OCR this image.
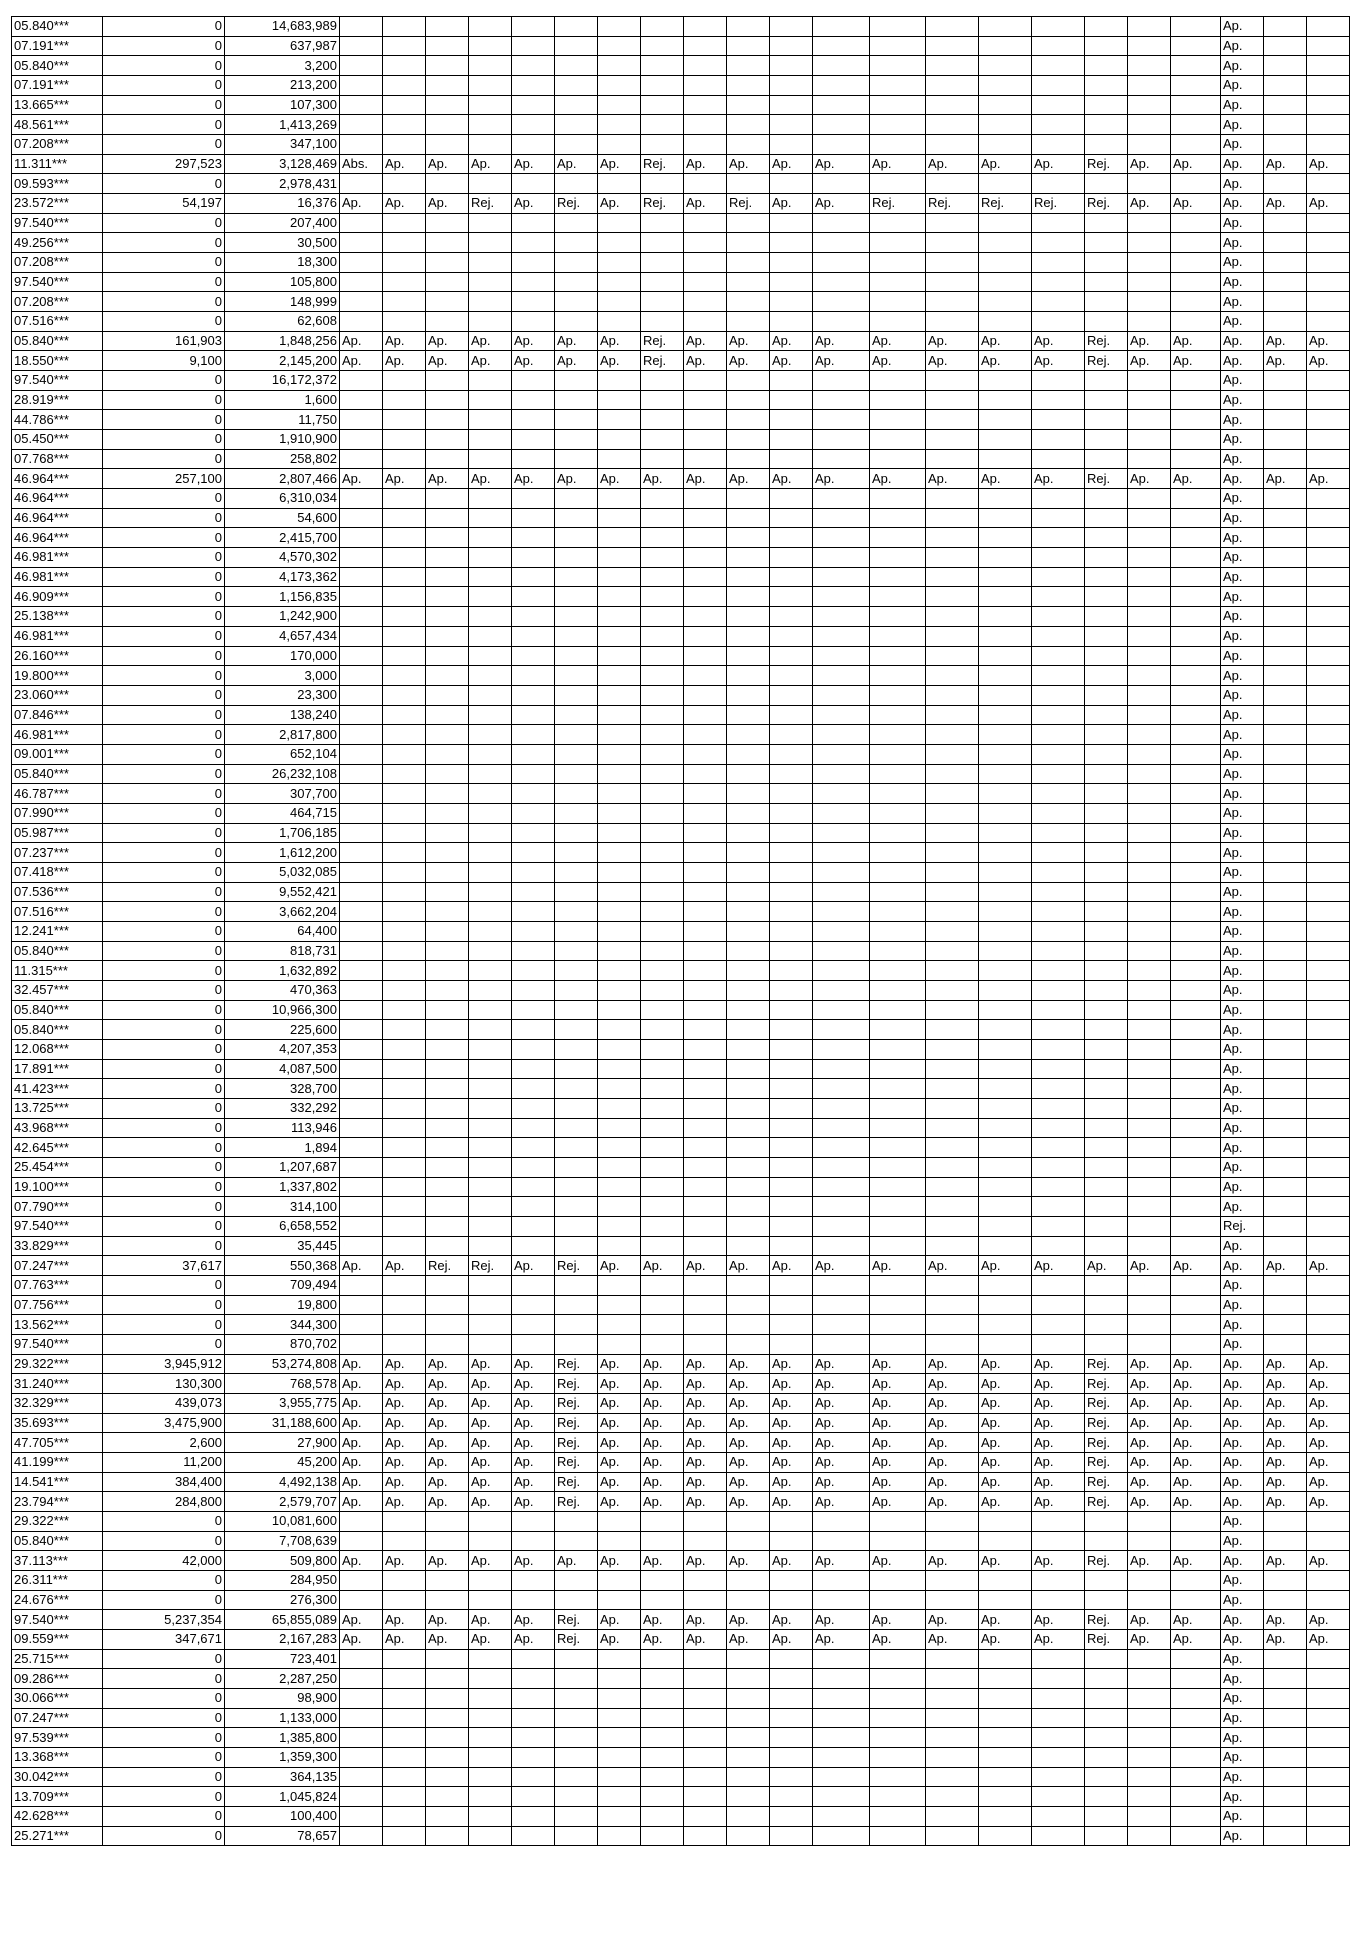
05.840***	0	14,683,989																				Ap.		
07.191***	0	637,987																				Ap.		
05.840***	0	3,200																				Ap.		
07.191***	0	213,200																				Ap.		
13.665***	0	107,300																				Ap.		
48.561***	0	1,413,269																				Ap.		
07.208***	0	347,100																				Ap.		
11.311***	297,523	3,128,469	Abs.	Ap.	Ap.	Ap.	Ap.	Ap.	Ap.	Rej.	Ap.	Ap.	Ap.	Ap.	Ap.	Ap.	Ap.	Ap.	Rej.	Ap.	Ap.	Ap.	Ap.	Ap.
09.593***	0	2,978,431																				Ap.		
23.572***	54,197	16,376	Ap.	Ap.	Ap.	Rej.	Ap.	Rej.	Ap.	Rej.	Ap.	Rej.	Ap.	Ap.	Rej.	Rej.	Rej.	Rej.	Rej.	Ap.	Ap.	Ap.	Ap.	Ap.
97.540***	0	207,400																				Ap.		
49.256***	0	30,500																				Ap.		
07.208***	0	18,300																				Ap.		
97.540***	0	105,800																				Ap.		
07.208***	0	148,999																				Ap.		
07.516***	0	62,608																				Ap.		
05.840***	161,903	1,848,256	Ap.	Ap.	Ap.	Ap.	Ap.	Ap.	Ap.	Rej.	Ap.	Ap.	Ap.	Ap.	Ap.	Ap.	Ap.	Ap.	Rej.	Ap.	Ap.	Ap.	Ap.	Ap.
18.550***	9,100	2,145,200	Ap.	Ap.	Ap.	Ap.	Ap.	Ap.	Ap.	Rej.	Ap.	Ap.	Ap.	Ap.	Ap.	Ap.	Ap.	Ap.	Rej.	Ap.	Ap.	Ap.	Ap.	Ap.
97.540***	0	16,172,372																				Ap.		
28.919***	0	1,600																				Ap.		
44.786***	0	11,750																				Ap.		
05.450***	0	1,910,900																				Ap.		
07.768***	0	258,802																				Ap.		
46.964***	257,100	2,807,466	Ap.	Ap.	Ap.	Ap.	Ap.	Ap.	Ap.	Ap.	Ap.	Ap.	Ap.	Ap.	Ap.	Ap.	Ap.	Ap.	Rej.	Ap.	Ap.	Ap.	Ap.	Ap.
46.964***	0	6,310,034																				Ap.		
46.964***	0	54,600																				Ap.		
46.964***	0	2,415,700																				Ap.		
46.981***	0	4,570,302																				Ap.		
46.981***	0	4,173,362																				Ap.		
46.909***	0	1,156,835																				Ap.		
25.138***	0	1,242,900																				Ap.		
46.981***	0	4,657,434																				Ap.		
26.160***	0	170,000																				Ap.		
19.800***	0	3,000																				Ap.		
23.060***	0	23,300																				Ap.		
07.846***	0	138,240																				Ap.		
46.981***	0	2,817,800																				Ap.		
09.001***	0	652,104																				Ap.		
05.840***	0	26,232,108																				Ap.		
46.787***	0	307,700																				Ap.		
07.990***	0	464,715																				Ap.		
05.987***	0	1,706,185																				Ap.		
07.237***	0	1,612,200																				Ap.		
07.418***	0	5,032,085																				Ap.		
07.536***	0	9,552,421																				Ap.		
07.516***	0	3,662,204																				Ap.		
12.241***	0	64,400																				Ap.		
05.840***	0	818,731																				Ap.		
11.315***	0	1,632,892																				Ap.		
32.457***	0	470,363																				Ap.		
05.840***	0	10,966,300																				Ap.		
05.840***	0	225,600																				Ap.		
12.068***	0	4,207,353																				Ap.		
17.891***	0	4,087,500																				Ap.		
41.423***	0	328,700																				Ap.		
13.725***	0	332,292																				Ap.		
43.968***	0	113,946																				Ap.		
42.645***	0	1,894																				Ap.		
25.454***	0	1,207,687																				Ap.		
19.100***	0	1,337,802																				Ap.		
07.790***	0	314,100																				Ap.		
97.540***	0	6,658,552																				Rej.		
33.829***	0	35,445																				Ap.		
07.247***	37,617	550,368	Ap.	Ap.	Rej.	Rej.	Ap.	Rej.	Ap.	Ap.	Ap.	Ap.	Ap.	Ap.	Ap.	Ap.	Ap.	Ap.	Ap.	Ap.	Ap.	Ap.	Ap.	Ap.
07.763***	0	709,494																				Ap.		
07.756***	0	19,800																				Ap.		
13.562***	0	344,300																				Ap.		
97.540***	0	870,702																				Ap.		
29.322***	3,945,912	53,274,808	Ap.	Ap.	Ap.	Ap.	Ap.	Rej.	Ap.	Ap.	Ap.	Ap.	Ap.	Ap.	Ap.	Ap.	Ap.	Ap.	Rej.	Ap.	Ap.	Ap.	Ap.	Ap.
31.240***	130,300	768,578	Ap.	Ap.	Ap.	Ap.	Ap.	Rej.	Ap.	Ap.	Ap.	Ap.	Ap.	Ap.	Ap.	Ap.	Ap.	Ap.	Rej.	Ap.	Ap.	Ap.	Ap.	Ap.
32.329***	439,073	3,955,775	Ap.	Ap.	Ap.	Ap.	Ap.	Rej.	Ap.	Ap.	Ap.	Ap.	Ap.	Ap.	Ap.	Ap.	Ap.	Ap.	Rej.	Ap.	Ap.	Ap.	Ap.	Ap.
35.693***	3,475,900	31,188,600	Ap.	Ap.	Ap.	Ap.	Ap.	Rej.	Ap.	Ap.	Ap.	Ap.	Ap.	Ap.	Ap.	Ap.	Ap.	Ap.	Rej.	Ap.	Ap.	Ap.	Ap.	Ap.
47.705***	2,600	27,900	Ap.	Ap.	Ap.	Ap.	Ap.	Rej.	Ap.	Ap.	Ap.	Ap.	Ap.	Ap.	Ap.	Ap.	Ap.	Ap.	Rej.	Ap.	Ap.	Ap.	Ap.	Ap.
41.199***	11,200	45,200	Ap.	Ap.	Ap.	Ap.	Ap.	Rej.	Ap.	Ap.	Ap.	Ap.	Ap.	Ap.	Ap.	Ap.	Ap.	Ap.	Rej.	Ap.	Ap.	Ap.	Ap.	Ap.
14.541***	384,400	4,492,138	Ap.	Ap.	Ap.	Ap.	Ap.	Rej.	Ap.	Ap.	Ap.	Ap.	Ap.	Ap.	Ap.	Ap.	Ap.	Ap.	Rej.	Ap.	Ap.	Ap.	Ap.	Ap.
23.794***	284,800	2,579,707	Ap.	Ap.	Ap.	Ap.	Ap.	Rej.	Ap.	Ap.	Ap.	Ap.	Ap.	Ap.	Ap.	Ap.	Ap.	Ap.	Rej.	Ap.	Ap.	Ap.	Ap.	Ap.
29.322***	0	10,081,600																				Ap.		
05.840***	0	7,708,639																				Ap.		
37.113***	42,000	509,800	Ap.	Ap.	Ap.	Ap.	Ap.	Ap.	Ap.	Ap.	Ap.	Ap.	Ap.	Ap.	Ap.	Ap.	Ap.	Ap.	Rej.	Ap.	Ap.	Ap.	Ap.	Ap.
26.311***	0	284,950																				Ap.		
24.676***	0	276,300																				Ap.		
97.540***	5,237,354	65,855,089	Ap.	Ap.	Ap.	Ap.	Ap.	Rej.	Ap.	Ap.	Ap.	Ap.	Ap.	Ap.	Ap.	Ap.	Ap.	Ap.	Rej.	Ap.	Ap.	Ap.	Ap.	Ap.
09.559***	347,671	2,167,283	Ap.	Ap.	Ap.	Ap.	Ap.	Rej.	Ap.	Ap.	Ap.	Ap.	Ap.	Ap.	Ap.	Ap.	Ap.	Ap.	Rej.	Ap.	Ap.	Ap.	Ap.	Ap.
25.715***	0	723,401																				Ap.		
09.286***	0	2,287,250																				Ap.		
30.066***	0	98,900																				Ap.		
07.247***	0	1,133,000																				Ap.		
97.539***	0	1,385,800																				Ap.		
13.368***	0	1,359,300																				Ap.		
30.042***	0	364,135																				Ap.		
13.709***	0	1,045,824																				Ap.		
42.628***	0	100,400																				Ap.		
25.271***	0	78,657																				Ap.		
